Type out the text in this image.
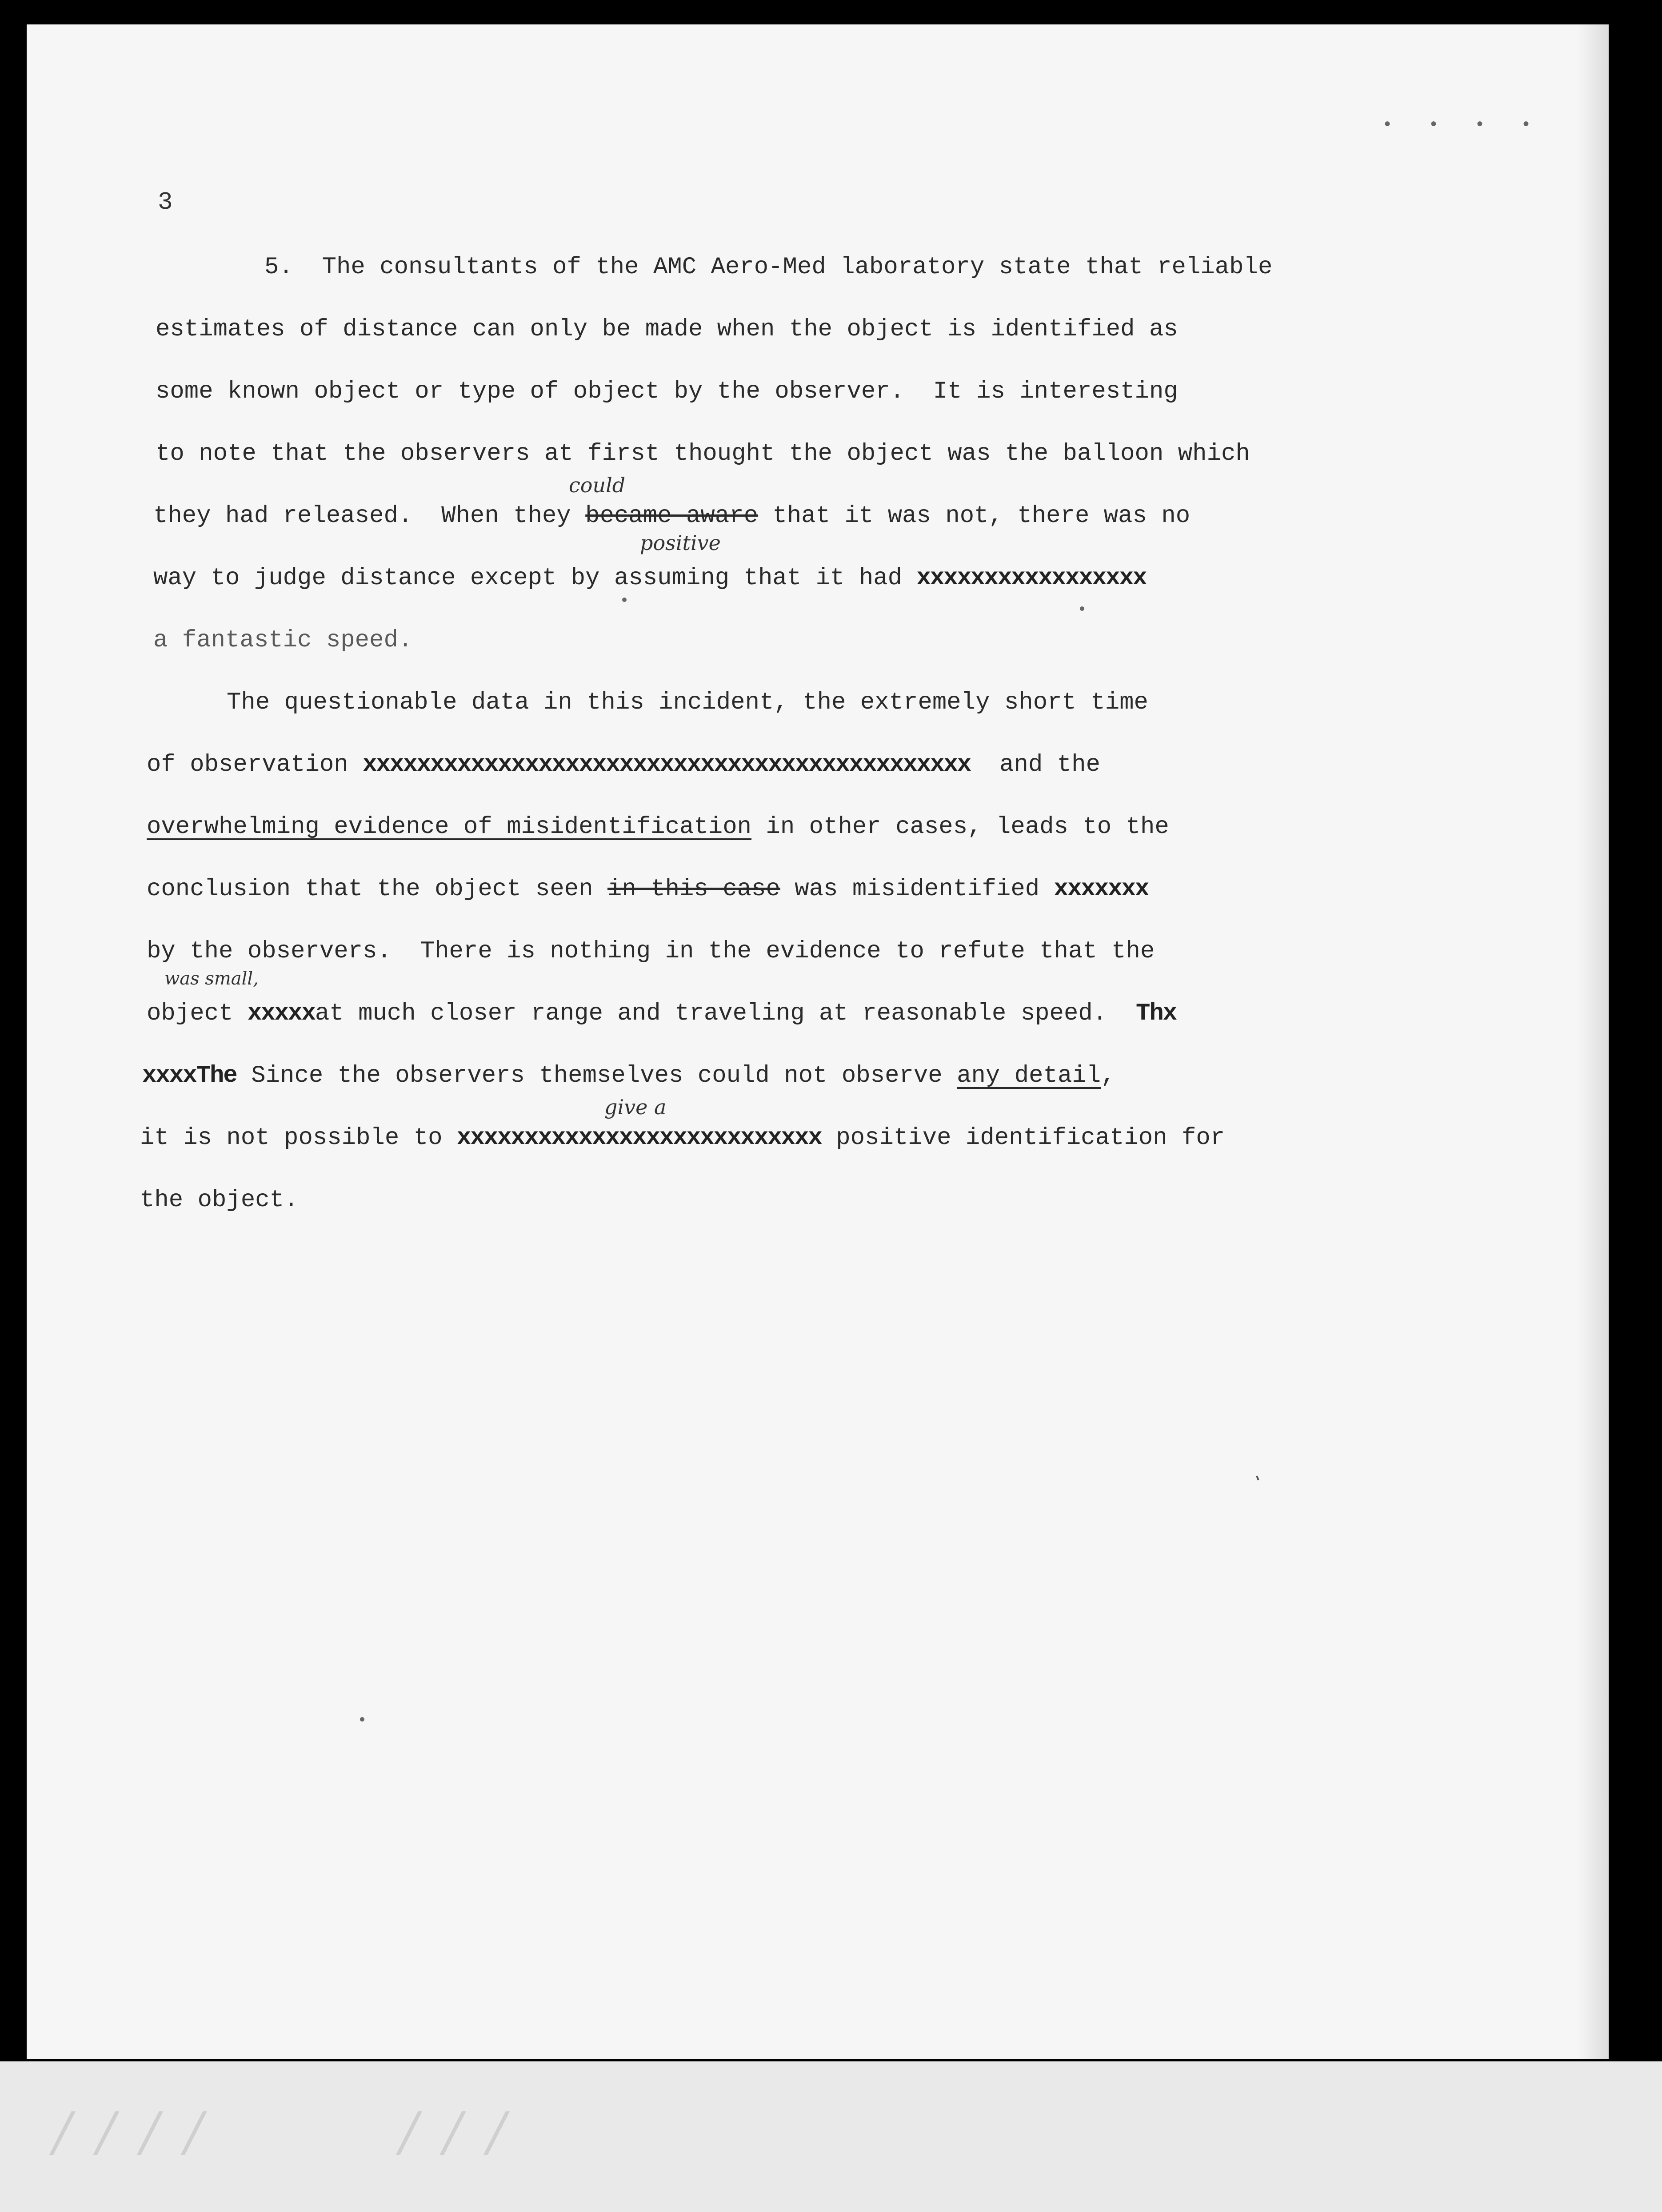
/ / / /	/ / /
3
• • • •
5.  The consultants of the AMC Aero-Med laboratory state that reliable
estimates of distance can only be made when the object is identified as
some known object or type of object by the observer.  It is interesting
to note that the observers at first thought the object was the balloon which
they had released.  When they became aware that it was not, there was no
way to judge distance except by assuming that it had xxxxxxxxxxxxxxxxx
a fantastic speed.
The questionable data in this incident, the extremely short time
of observation xxxxxxxxxxxxxxxxxxxxxxxxxxxxxxxxxxxxxxxxxxxxx  and the
overwhelming evidence of misidentification in other cases, leads to the
conclusion that the object seen in this case was misidentified xxxxxxx
by the observers.  There is nothing in the evidence to refute that the
object xxxxxat much closer range and traveling at reasonable speed.  Thx
xxxxThe Since the observers themselves could not observe any detail,
it is not possible to xxxxxxxxxxxxxxxxxxxxxxxxxxx positive identification for
the object.
could
positive
was small,
give a
